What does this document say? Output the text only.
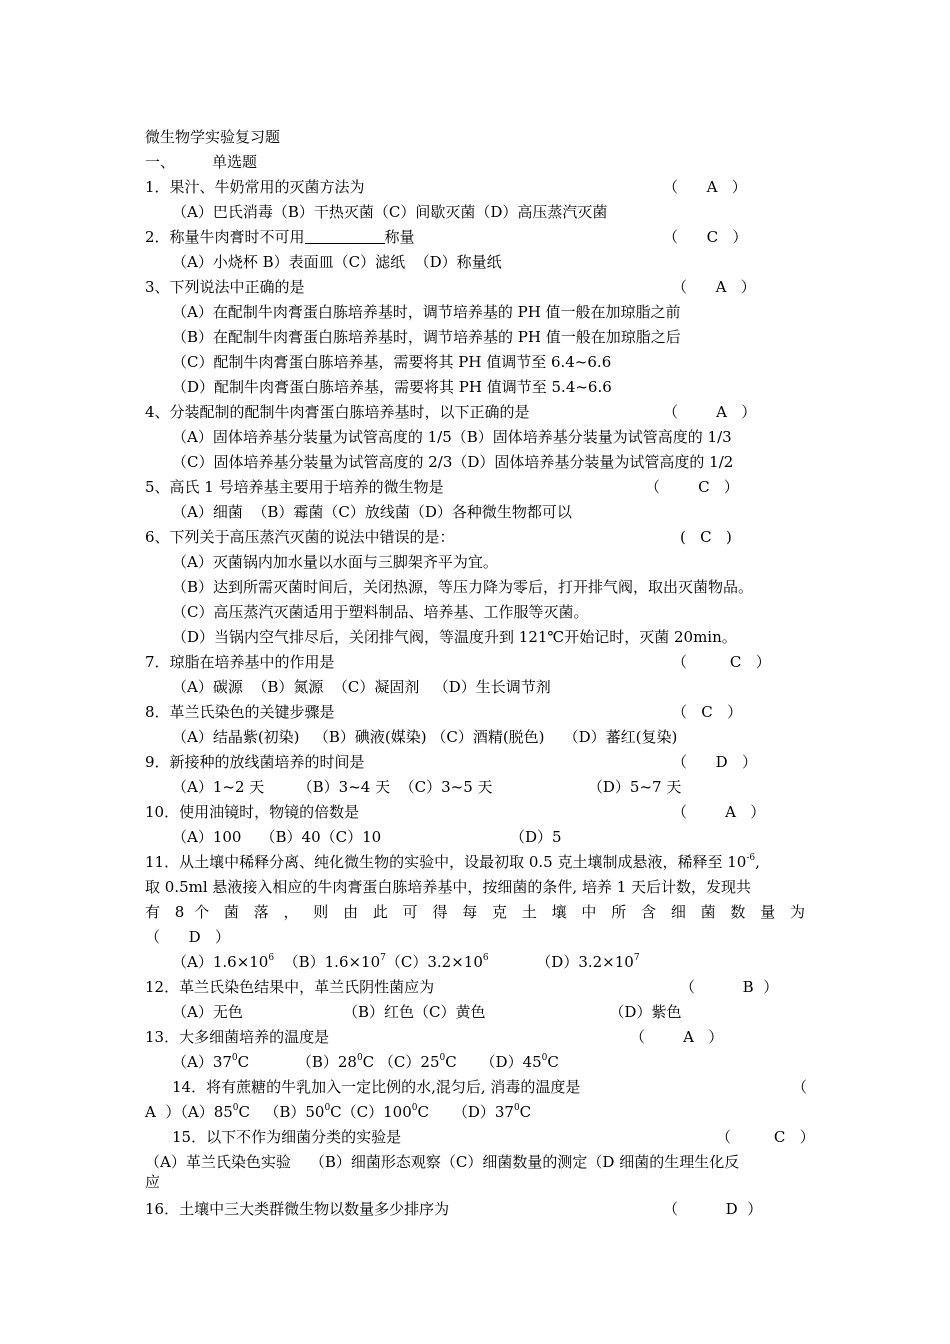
微生物学实验复习题
一、 单选题
1．果汁、牛奶常用的灭菌方法为	（      A   ）
（A）巴氏消毒（B）干热灭菌（C）间歇灭菌（D）高压蒸汽灭菌
2．称量牛肉膏时不可用	称量	（      C   ）
（A）小烧杯 B）表面皿（C）滤纸  （D）称量纸
3、下列说法中正确的是	（      A   ）
（A）在配制牛肉膏蛋白胨培养基时，调节培养基的 PH 值一般在加琼脂之前
（B）在配制牛肉膏蛋白胨培养基时，调节培养基的 PH 值一般在加琼脂之后
（C）配制牛肉膏蛋白胨培养基，需要将其 PH 值调节至 6.4~6.6
（D）配制牛肉膏蛋白胨培养基，需要将其 PH 值调节至 5.4~6.6
4、分装配制的配制牛肉膏蛋白胨培养基时，以下正确的是	（        A   ）
（A）固体培养基分装量为试管高度的 1/5（B）固体培养基分装量为试管高度的 1/3
（C）固体培养基分装量为试管高度的 2/3（D）固体培养基分装量为试管高度的 1/2
5、高氏 1 号培养基主要用于培养的微生物是	（        C   ）
（A）细菌  （B）霉菌（C）放线菌（D）各种微生物都可以
6、下列关于高压蒸汽灭菌的说法中错误的是：	(   C   )
（A）灭菌锅内加水量以水面与三脚架齐平为宜。
（B）达到所需灭菌时间后，关闭热源，等压力降为零后，打开排气阀，取出灭菌物品。
（C）高压蒸汽灭菌适用于塑料制品、培养基、工作服等灭菌。
（D）当锅内空气排尽后，关闭排气阀，等温度升到 121℃开始记时，灭菌 20min。
7．琼脂在培养基中的作用是	（         C   ）
（A）碳源  （B）氮源  （C）凝固剂   （D）生长调节剂
8．革兰氏染色的关键步骤是	（   C   ）
（A）结晶紫(初染)   （B）碘液(媒染) （C）酒精(脱色)    （D）蕃红(复染)
9．新接种的放线菌培养的时间是	（      D   ）
（A）1~2 天       （B）3~4 天  （C）3~5 天                    （D）5~7 天
10．使用油镜时，物镜的倍数是	（        A   ）
（A）100    （B）40（C）10                           （D）5
11．从土壤中稀释分离、纯化微生物的实验中，设最初取 0.5 克土壤制成悬液，稀释至 $10^{-6}$,
取 0.5ml 悬液接入相应的牛肉膏蛋白胨培养基中，按细菌的条件, 培养 1 天后计数，发现共
有 8 个 菌 落 ， 则 由 此 可 得 每 克 土 壤 中 所 含 细 菌 数 量 为
（      D   ）
$(A)1.6\times 10^6$  $(B)1.6\times 10^7(C)3.2\times 10^6$          $(D)3.2\times 10^7$
12．革兰氏染色结果中，革兰氏阴性菌应为	（          B  ）
（A）无色                     （B）红色（C）黄色                          （D）紫色
13．大多细菌培养的温度是	（        A   ）
$(A)37^0C$          $(B)28^0C$ $(C)25^0C$     $(D)45^0C$
14．将有蔗糖的牛乳加入一定比例的水,混匀后, 消毒的温度是	（
A  ）$(A)85^0C$   $(B)50^0C(C)100^0C$     $(D)37^0C$
15．以下不作为细菌分类的实验是	（         C   ）
（A）革兰氏染色实验    （B）细菌形态观察（C）细菌数量的测定（D 细菌的生理生化反
应
16．土壤中三大类群微生物以数量多少排序为	（          D  ）
